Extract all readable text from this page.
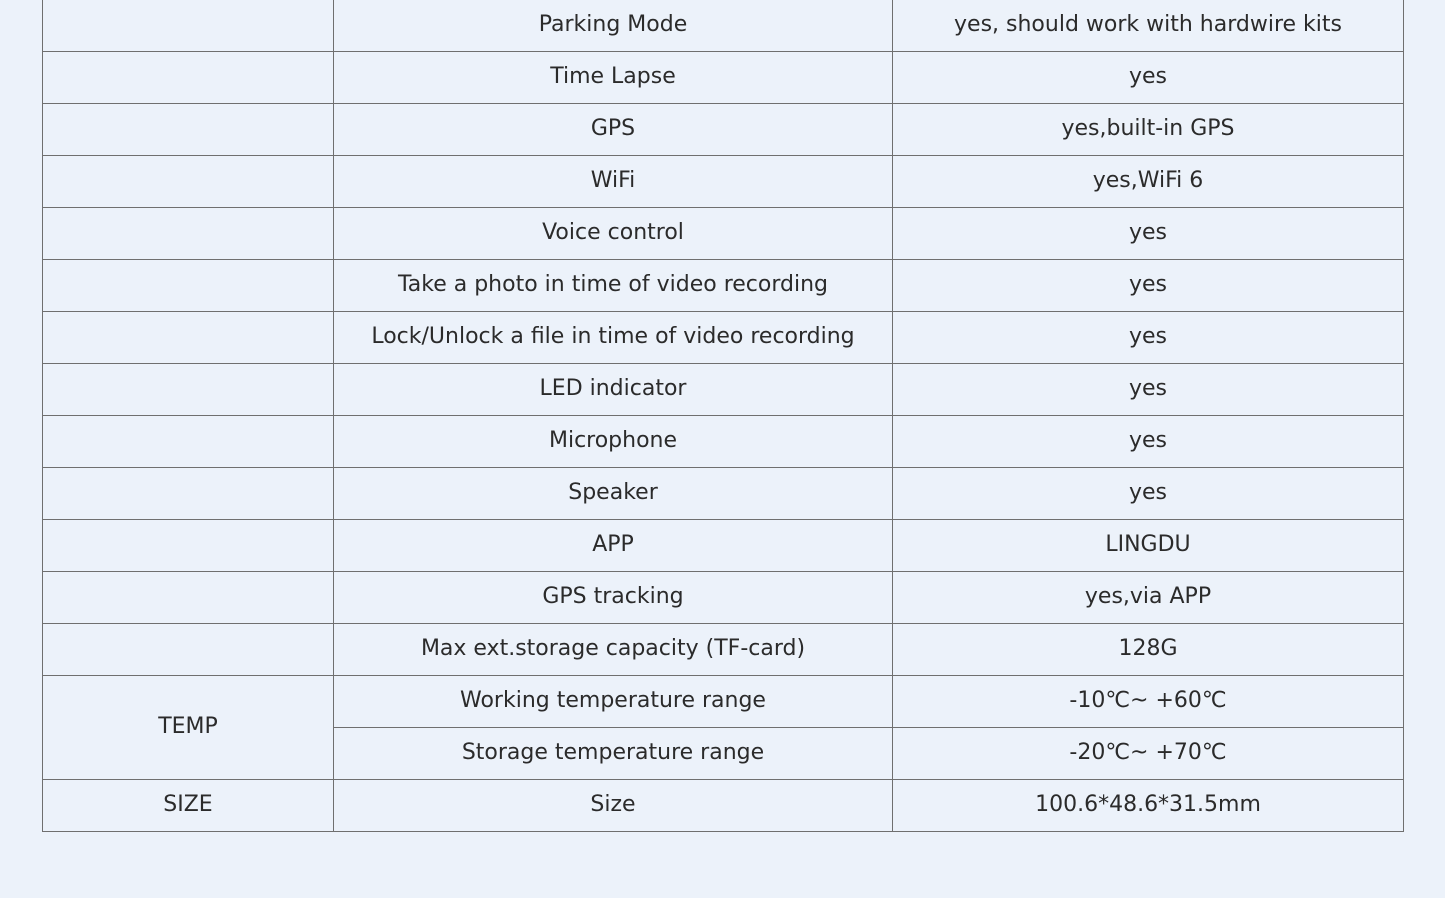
	Parking Mode	yes, should work with hardwire kits
	Time Lapse	yes
	GPS	yes,built-in GPS
	WiFi	yes,WiFi 6
	Voice control	yes
	Take a photo in time of video recording	yes
	Lock/Unlock a file in time of video recording	yes
	LED indicator	yes
	Microphone	yes
	Speaker	yes
	APP	LINGDU
	GPS tracking	yes,via APP
	Max ext.storage capacity (TF-card)	128G
TEMP	Working temperature range	-10℃~ +60℃
	Storage temperature range	-20℃~ +70℃
SIZE	Size	100.6*48.6*31.5mm
